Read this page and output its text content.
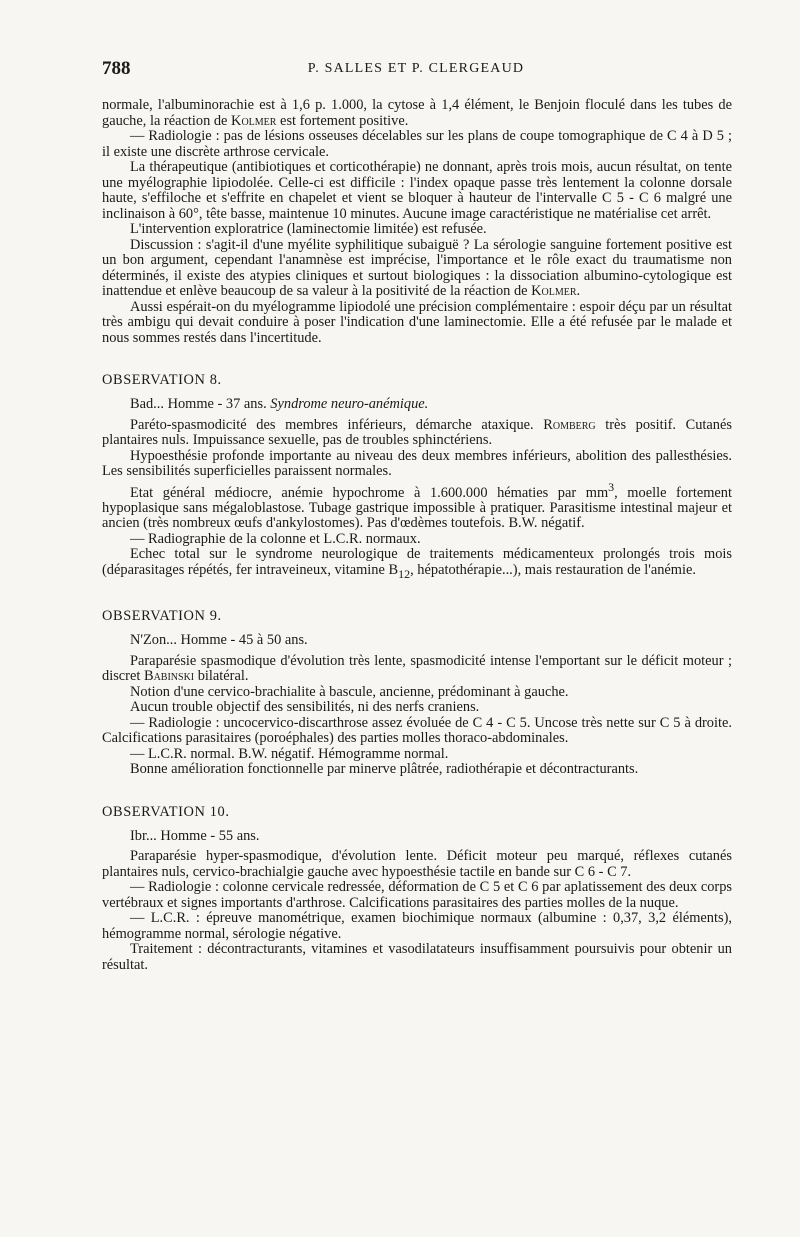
788	P. SALLES ET P. CLERGEAUD

normale, l'albuminorachie est à 1,6 p. 1.000, la cytose à 1,4 élément, le Benjoin floculé dans les tubes de gauche, la réaction de Kolmer est fortement positive.

— Radiologie : pas de lésions osseuses décelables sur les plans de coupe tomographique de C 4 à D 5 ; il existe une discrète arthrose cervicale.

La thérapeutique (antibiotiques et corticothérapie) ne donnant, après trois mois, aucun résultat, on tente une myélographie lipiodolée. Celle-ci est difficile : l'index opaque passe très lentement la colonne dorsale haute, s'effiloche et s'effrite en chapelet et vient se bloquer à hauteur de l'intervalle C 5 - C 6 malgré une inclinaison à 60°, tête basse, maintenue 10 minutes. Aucune image caractéristique ne matérialise cet arrêt.

L'intervention exploratrice (laminectomie limitée) est refusée.

Discussion : s'agit-il d'une myélite syphilitique subaiguë ? La sérologie sanguine fortement positive est un bon argument, cependant l'anamnèse est imprécise, l'importance et le rôle exact du traumatisme non déterminés, il existe des atypies cliniques et surtout biologiques : la dissociation albumino-cytologique est inattendue et enlève beaucoup de sa valeur à la positivité de la réaction de Kolmer.

Aussi espérait-on du myélogramme lipiodolé une précision complémentaire : espoir déçu par un résultat très ambigu qui devait conduire à poser l'indication d'une laminectomie. Elle a été refusée par le malade et nous sommes restés dans l'incertitude.

OBSERVATION 8.

Bad... Homme - 37 ans. Syndrome neuro-anémique.

Paréto-spasmodicité des membres inférieurs, démarche ataxique. Romberg très positif. Cutanés plantaires nuls. Impuissance sexuelle, pas de troubles sphinctériens.

Hypoesthésie profonde importante au niveau des deux membres inférieurs, abolition des pallesthésies. Les sensibilités superficielles paraissent normales.

Etat général médiocre, anémie hypochrome à 1.600.000 hématies par $mm^3$, moelle fortement hypoplasique sans mégaloblastose. Tubage gastrique impossible à pratiquer. Parasitisme intestinal majeur et ancien (très nombreux œufs d'ankylostomes). Pas d'œdèmes toutefois. B.W. négatif.

— Radiographie de la colonne et L.C.R. normaux.

Echec total sur le syndrome neurologique de traitements médicamenteux prolongés trois mois (déparasitages répétés, fer intraveineux, vitamine $B_{12}$, hépatothérapie...), mais restauration de l'anémie.

OBSERVATION 9.

N'Zon... Homme - 45 à 50 ans.

Paraparésie spasmodique d'évolution très lente, spasmodicité intense l'emportant sur le déficit moteur ; discret Babinski bilatéral.

Notion d'une cervico-brachialite à bascule, ancienne, prédominant à gauche.

Aucun trouble objectif des sensibilités, ni des nerfs craniens.

— Radiologie : uncocervico-discarthrose assez évoluée de C 4 - C 5. Uncose très nette sur C 5 à droite. Calcifications parasitaires (poroéphales) des parties molles thoraco-abdominales.

— L.C.R. normal. B.W. négatif. Hémogramme normal.

Bonne amélioration fonctionnelle par minerve plâtrée, radiothérapie et décontracturants.

OBSERVATION 10.

Ibr... Homme - 55 ans.

Paraparésie hyper-spasmodique, d'évolution lente. Déficit moteur peu marqué, réflexes cutanés plantaires nuls, cervico-brachialgie gauche avec hypoesthésie tactile en bande sur C 6 - C 7.

— Radiologie : colonne cervicale redressée, déformation de C 5 et C 6 par aplatissement des deux corps vertébraux et signes importants d'arthrose. Calcifications parasitaires des parties molles de la nuque.

— L.C.R. : épreuve manométrique, examen biochimique normaux (albumine : 0,37, 3,2 éléments), hémogramme normal, sérologie négative.

Traitement : décontracturants, vitamines et vasodilatateurs insuffisamment poursuivis pour obtenir un résultat.
